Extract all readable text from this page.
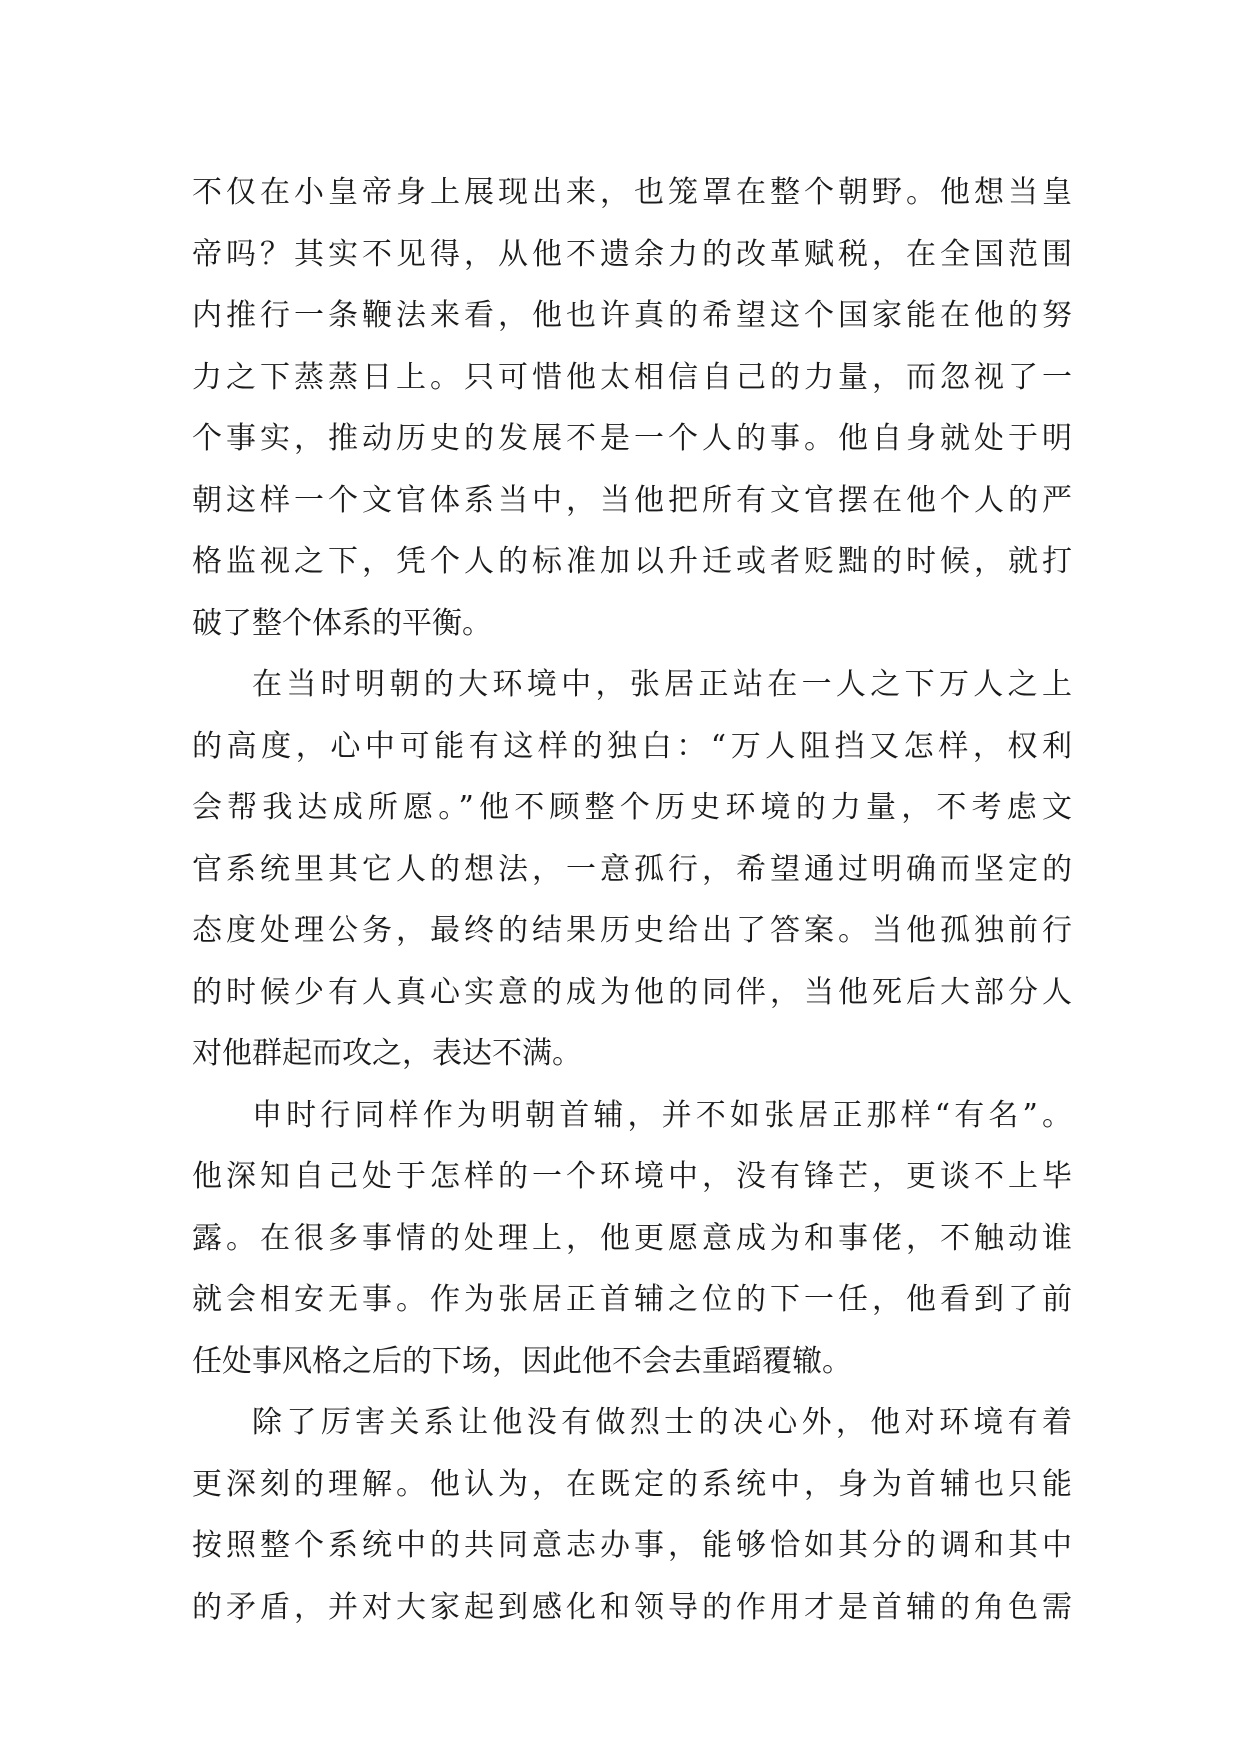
不仅在小皇帝身上展现出来，也笼罩在整个朝野。他想当皇
帝吗？其实不见得，从他不遗余力的改革赋税，在全国范围
内推行一条鞭法来看，他也许真的希望这个国家能在他的努
力之下蒸蒸日上。只可惜他太相信自己的力量，而忽视了一
个事实，推动历史的发展不是一个人的事。他自身就处于明
朝这样一个文官体系当中，当他把所有文官摆在他个人的严
格监视之下，凭个人的标准加以升迁或者贬黜的时候，就打
破了整个体系的平衡。
在当时明朝的大环境中，张居正站在一人之下万人之上
的高度，心中可能有这样的独白：“万人阻挡又怎样，权利
会帮我达成所愿。”他不顾整个历史环境的力量，不考虑文
官系统里其它人的想法，一意孤行，希望通过明确而坚定的
态度处理公务，最终的结果历史给出了答案。当他孤独前行
的时候少有人真心实意的成为他的同伴，当他死后大部分人
对他群起而攻之，表达不满。
申时行同样作为明朝首辅，并不如张居正那样“有名”。
他深知自己处于怎样的一个环境中，没有锋芒，更谈不上毕
露。在很多事情的处理上，他更愿意成为和事佬，不触动谁
就会相安无事。作为张居正首辅之位的下一任，他看到了前
任处事风格之后的下场，因此他不会去重蹈覆辙。
除了厉害关系让他没有做烈士的决心外，他对环境有着
更深刻的理解。他认为，在既定的系统中，身为首辅也只能
按照整个系统中的共同意志办事，能够恰如其分的调和其中
的矛盾，并对大家起到感化和领导的作用才是首辅的角色需
